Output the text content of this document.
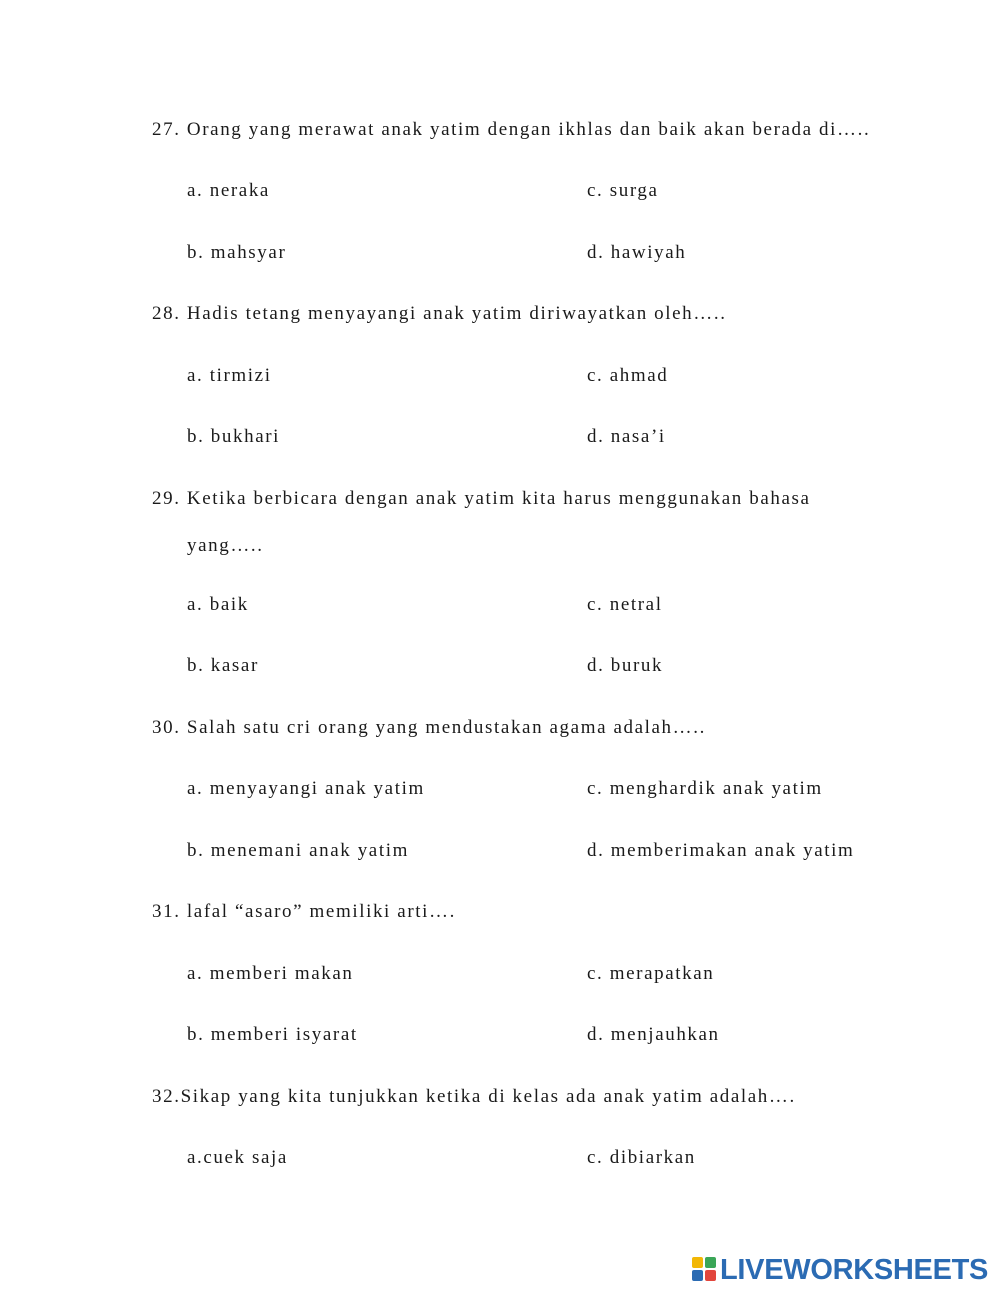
27. Orang yang merawat anak yatim dengan ikhlas dan baik akan berada di…..
a. neraka	c. surga
b. mahsyar	d. hawiyah
28. Hadis tetang menyayangi anak yatim diriwayatkan oleh…..
a. tirmizi	c. ahmad
b. bukhari	d. nasa’i
29. Ketika berbicara dengan anak yatim kita harus menggunakan bahasa
yang…..
a. baik	c. netral
b. kasar	d. buruk
30. Salah satu cri orang yang mendustakan agama adalah…..
a. menyayangi anak yatim	c. menghardik anak yatim
b. menemani anak yatim	d. memberimakan anak yatim
31. lafal “asaro” memiliki arti….
a. memberi makan	c. merapatkan
b. memberi isyarat	d. menjauhkan
32.Sikap yang kita tunjukkan ketika di kelas ada anak yatim adalah….
a.cuek saja	c. dibiarkan
LIVEWORKSHEETS
